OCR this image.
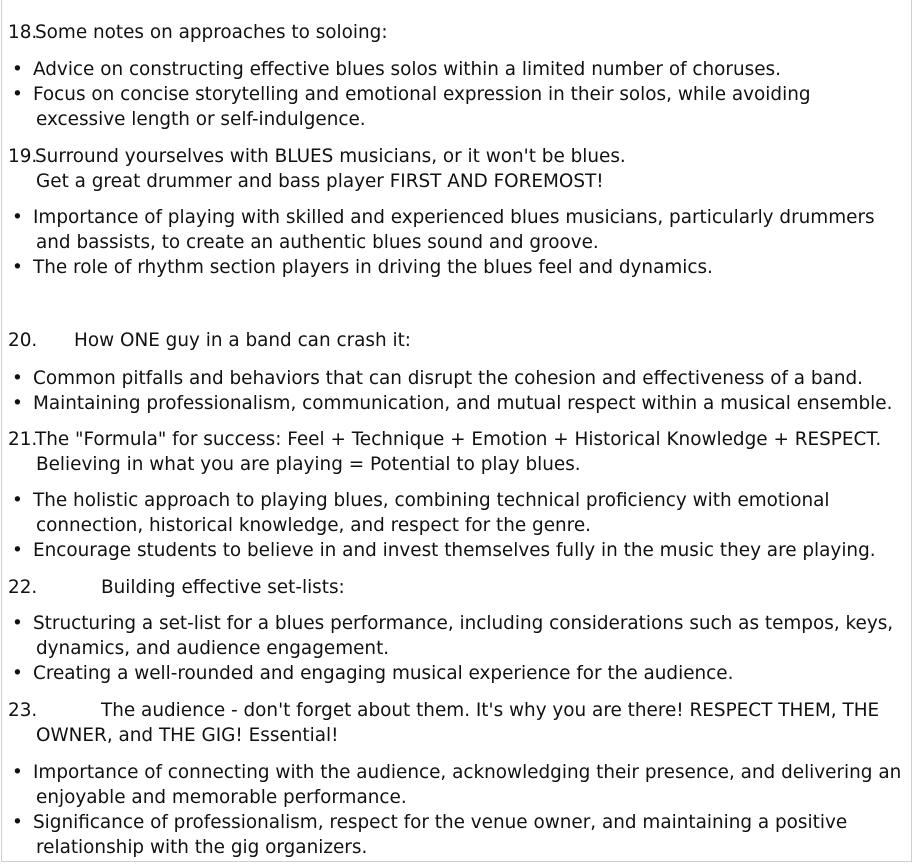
18.
Some notes on approaches to soloing:
• Advice on constructing effective blues solos within a limited number of choruses.
• Focus on concise storytelling and emotional expression in their solos, while avoiding
excessive length or self-indulgence.
19.
Surround yourselves with BLUES musicians, or it won't be blues.
Get a great drummer and bass player FIRST AND FOREMOST!
• Importance of playing with skilled and experienced blues musicians, particularly drummers
and bassists, to create an authentic blues sound and groove.
• The role of rhythm section players in driving the blues feel and dynamics.
20. How ONE guy in a band can crash it:
• Common pitfalls and behaviors that can disrupt the cohesion and effectiveness of a band.
• Maintaining professionalism, communication, and mutual respect within a musical ensemble.
21.
The "Formula" for success: Feel + Technique + Emotion + Historical Knowledge + RESPECT.
Believing in what you are playing = Potential to play blues.
• The holistic approach to playing blues, combining technical proficiency with emotional
connection, historical knowledge, and respect for the genre.
• Encourage students to believe in and invest themselves fully in the music they are playing.
22.	Building effective set-lists:
• Structuring a set-list for a blues performance, including considerations such as tempos, keys,
dynamics, and audience engagement.
• Creating a well-rounded and engaging musical experience for the audience.
23.	The audience - don't forget about them. It's why you are there! RESPECT THEM, THE
OWNER, and THE GIG! Essential!
• Importance of connecting with the audience, acknowledging their presence, and delivering an
enjoyable and memorable performance.
• Significance of professionalism, respect for the venue owner, and maintaining a positive
relationship with the gig organizers.
